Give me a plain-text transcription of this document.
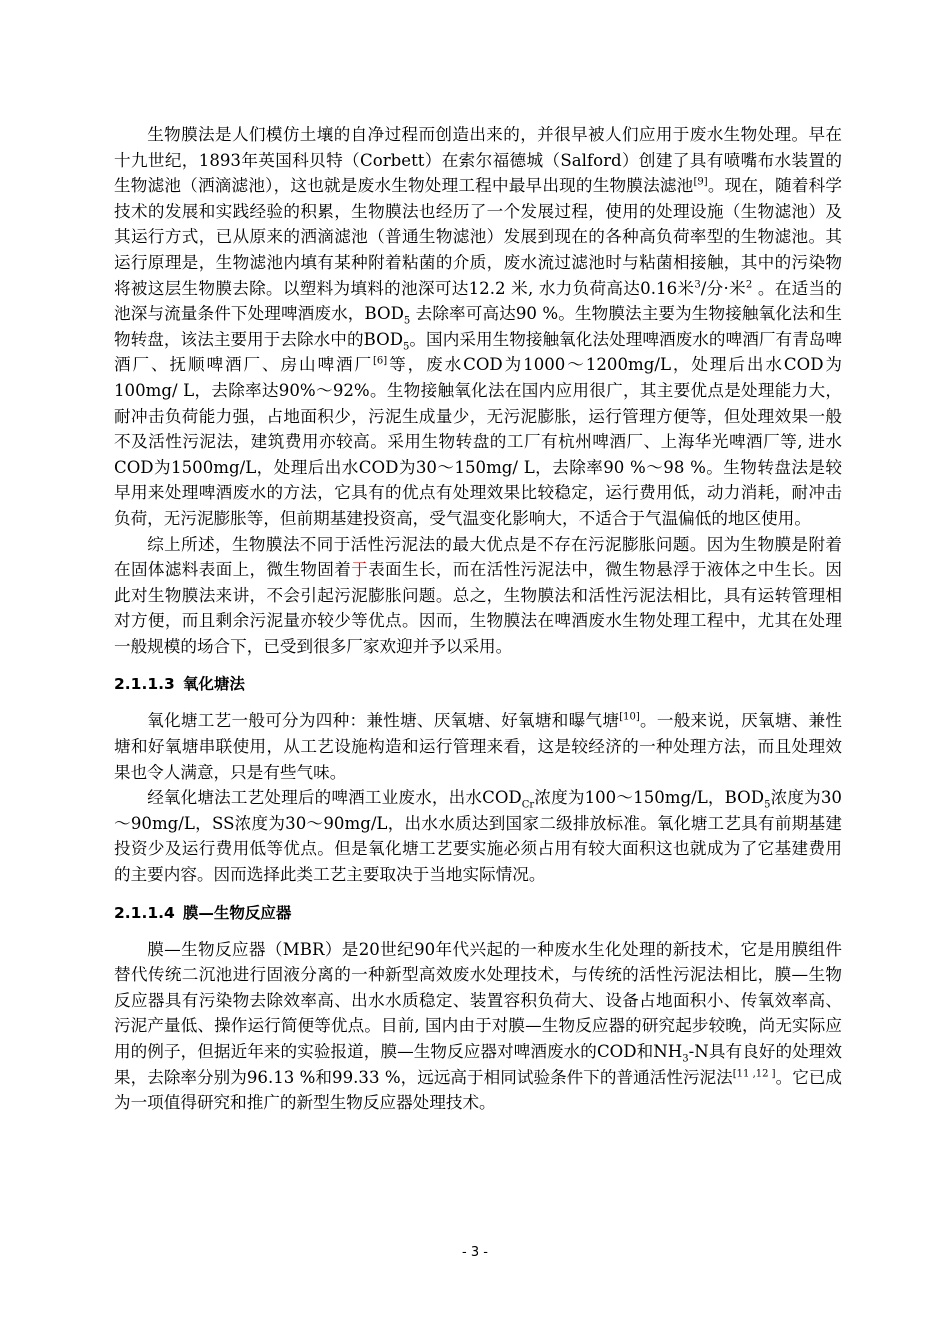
生物膜法是人们模仿土壤的自净过程而创造出来的，并很早被人们应用于废水生物处理。早在十九世纪，1893年英国科贝特（Corbett）在索尔福德城（Salford）创建了具有喷嘴布水装置的生物滤池（洒滴滤池），这也就是废水生物处理工程中最早出现的生物膜法滤池[9]。现在，随着科学技术的发展和实践经验的积累，生物膜法也经历了一个发展过程，使用的处理设施（生物滤池）及其运行方式，已从原来的洒滴滤池（普通生物滤池）发展到现在的各种高负荷率型的生物滤池。其运行原理是，生物滤池内填有某种附着粘菌的介质，废水流过滤池时与粘菌相接触，其中的污染物将被这层生物膜去除。以塑料为填料的池深可达12.2 米, 水力负荷高达0.16米$^3$/分·米$^2$ 。在适当的池深与流量条件下处理啤酒废水，$BOD_5$ 去除率可高达90 %。生物膜法主要为生物接触氧化法和生物转盘，该法主要用于去除水中的$BOD_5$。国内采用生物接触氧化法处理啤酒废水的啤酒厂有青岛啤酒厂、抚顺啤酒厂、房山啤酒厂[6]等，废水COD为1000～1200mg/L，处理后出水COD为100mg/ L，去除率达90%～92%。生物接触氧化法在国内应用很广，其主要优点是处理能力大，耐冲击负荷能力强，占地面积少，污泥生成量少，无污泥膨胀，运行管理方便等，但处理效果一般不及活性污泥法，建筑费用亦较高。采用生物转盘的工厂有杭州啤酒厂、上海华光啤酒厂等, 进水COD为1500mg/L，处理后出水COD为30～150mg/ L，去除率90 %～98 %。生物转盘法是较早用来处理啤酒废水的方法，它具有的优点有处理效果比较稳定，运行费用低，动力消耗，耐冲击负荷，无污泥膨胀等，但前期基建投资高，受气温变化影响大，不适合于气温偏低的地区使用。

综上所述，生物膜法不同于活性污泥法的最大优点是不存在污泥膨胀问题。因为生物膜是附着在固体滤料表面上，微生物固着于表面生长，而在活性污泥法中，微生物悬浮于液体之中生长。因此对生物膜法来讲，不会引起污泥膨胀问题。总之，生物膜法和活性污泥法相比，具有运转管理相对方便，而且剩余污泥量亦较少等优点。因而，生物膜法在啤酒废水生物处理工程中，尤其在处理一般规模的场合下，已受到很多厂家欢迎并予以采用。

2.1.1.3 氧化塘法

氧化塘工艺一般可分为四种：兼性塘、厌氧塘、好氧塘和曝气塘[10]。一般来说，厌氧塘、兼性塘和好氧塘串联使用，从工艺设施构造和运行管理来看，这是较经济的一种处理方法，而且处理效果也令人满意，只是有些气味。

经氧化塘法工艺处理后的啤酒工业废水，出水$COD_{Cr}$浓度为100～150mg/L，$BOD_5$浓度为30～90mg/L，SS浓度为30～90mg/L，出水水质达到国家二级排放标准。氧化塘工艺具有前期基建投资少及运行费用低等优点。但是氧化塘工艺要实施必须占用有较大面积这也就成为了它基建费用的主要内容。因而选择此类工艺主要取决于当地实际情况。

2.1.1.4 膜—生物反应器

膜—生物反应器（MBR）是20世纪90年代兴起的一种废水生化处理的新技术，它是用膜组件替代传统二沉池进行固液分离的一种新型高效废水处理技术，与传统的活性污泥法相比，膜—生物反应器具有污染物去除效率高、出水水质稳定、装置容积负荷大、设备占地面积小、传氧效率高、污泥产量低、操作运行简便等优点。目前, 国内由于对膜—生物反应器的研究起步较晚，尚无实际应用的例子，但据近年来的实验报道，膜—生物反应器对啤酒废水的COD和$NH_3-N$具有良好的处理效果，去除率分别为96.13 %和99.33 %，远远高于相同试验条件下的普通活性污泥法[11 ,12 ]。它已成为一项值得研究和推广的新型生物反应器处理技术。

- 3 -
